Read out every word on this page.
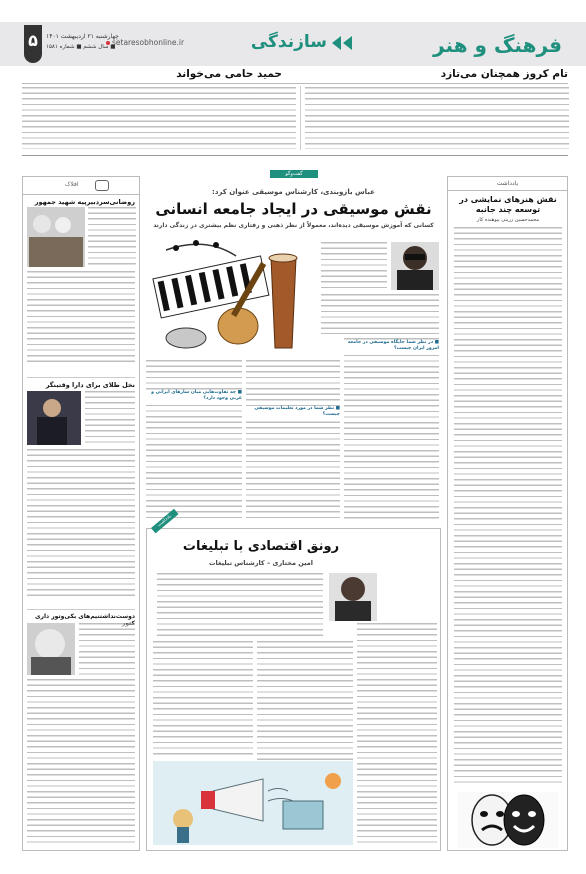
فرهنگ و هنر
سازندگی
setaresobhonline.ir
چهارشنبه ۲۱ اردیبهشت ۱۴۰۱
■ سال ششم ■ شماره ۱۵۸۱
۵
تام کروز همچنان می‌تازد
حمید حامی می‌خواند
افلاک
روضانی‌سردبیرپیه شهید جمهور
نخل طلای برای دارا وقتینگر
دوست‌نداشتنیم‌ها‌ی بکی‌وتور ‌داری
یادداشت
نقش هنرهای نمایشی در توسعه چند جانبه
محمدحسین زرینی پیوهنده کار
گفت‌وگو
عباس بازوبندی، کارشناس موسیقی عنوان کرد:
نقش موسیقی در ایجاد جامعه انسانی
کسانی که آموزش موسیقی دیده‌اند، معمولاً از نظر ذهنی و رفتاری نظم بیشتری در زندگی دارند
■ در نظر شما جایگاه موسیقی در جامعه امروز ایران چیست؟
■ نظر شما در مورد تعلیمات موسیقی چیست؟
■ چه تفاوت‌هایی میان سازهای ایرانی و غربی وجود دارد؟
یادداشت
رونق اقتصادی با تبلیغات
امین مختاری – کارشناس تبلیغات
